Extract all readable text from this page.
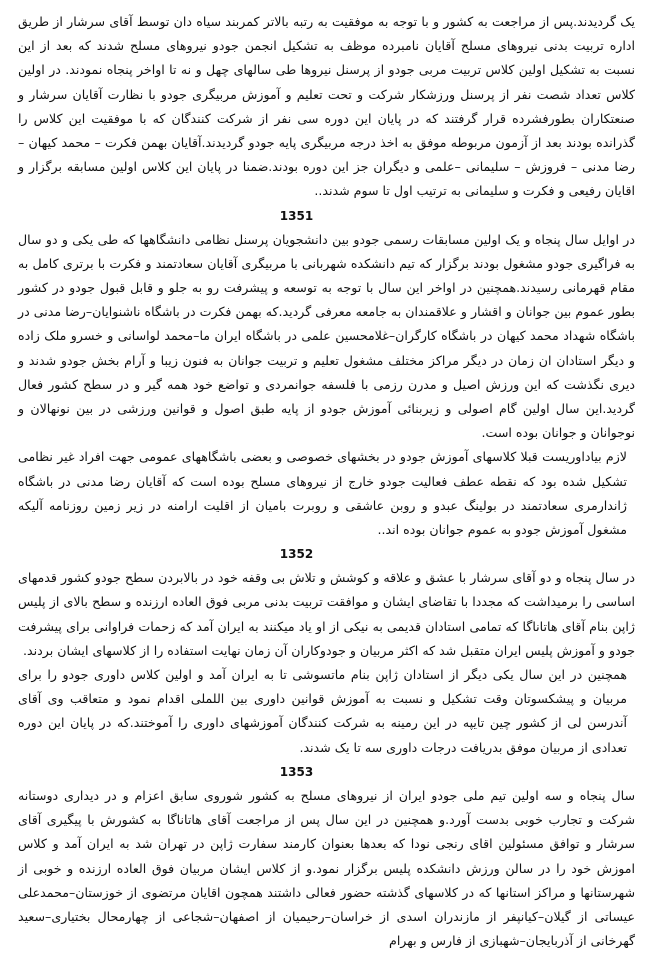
یک گردیدند.پس از مراجعت به کشور و با توجه به موفقیت به رتبه بالاتر کمربند سیاه دان توسط آقای سرشار از طریق اداره تربیت بدنی نیروهای مسلح آقایان نامبرده موظف به تشکیل انجمن جودو نیروهای مسلح شدند که بعد از این نسبت به تشکیل اولین کلاس تربیت مربی جودو از پرسنل نیروها طی سالهای چهل و نه تا اواخر پنجاه نمودند. در اولین کلاس تعداد شصت نفر از پرسنل ورزشکار شرکت و تحت تعلیم و آموزش مربیگری جودو با نظارت آقایان سرشار و صنعتکاران بطورفشرده قرار گرفتند که در پایان این دوره سی نفر از شرکت کنندگان که با موفقیت این کلاس را گذرانده بودند بعد از آزمون مربوطه موفق به اخذ درجه مربیگری پایه جودو گردیدند.آقایان بهمن فکرت – محمد کیهان – رضا مدنی – فروزش – سلیمانی –علمی و دیگران جز این دوره بودند.ضمنا در پایان این کلاس اولین مسابقه برگزار و اقایان رفیعی و فکرت و سلیمانی به ترتیب اول تا سوم شدند..

1351

در اوایل سال پنجاه و یک اولین مسابقات رسمی جودو بین دانشجویان پرسنل نظامی دانشگاهها که طی یکی و دو سال به فراگیری جودو مشغول بودند برگزار که تیم دانشکده شهربانی با مربیگری آقایان سعادتمند و فکرت با برتری کامل به مقام قهرمانی رسیدند.همچنین در اواخر این سال با توجه به توسعه و پیشرفت رو به جلو و قابل قبول جودو در کشور بطور عموم بین جوانان و اقشار و علاقمندان به جامعه معرفی گردید.که بهمن فکرت در باشگاه ناشنوایان–رضا مدنی در باشگاه شهداد محمد کیهان در باشگاه کارگران–غلامحسین علمی در باشگاه ایران ما–محمد لواسانی و خسرو ملک زاده و دیگر استادان ان زمان در دیگر مراکز مختلف مشغول تعلیم و تربیت جوانان به فنون زیبا و آرام بخش جودو شدند و دیری نگذشت که این ورزش اصیل و مدرن رزمی با فلسفه جوانمردی و تواضع خود همه گیر و در سطح کشور فعال گردید.این سال اولین گام اصولی و زیربنائی آموزش جودو از پایه طبق اصول و قوانین ورزشی در بین نونهالان و نوجوانان و جوانان بوده است.

لازم بیاداوریست قبلا کلاسهای آموزش جودو در بخشهای خصوصی و بعضی باشگاههای عمومی جهت افراد غیر نظامی تشکیل شده بود که نقطه عطف فعالیت جودو خارج از نیروهای مسلح بوده است که آقایان رضا مدنی در باشگاه ژاندارمری سعادتمند در بولینگ عبدو و روبن عاشقی و روبرت بامیان از اقلیت ارامنه در زیر زمین روزنامه آلیکه مشغول آموزش جودو به عموم جوانان بوده اند..

1352

در سال پنجاه و دو آقای سرشار با عشق و علاقه و کوشش و تلاش بی وقفه خود در بالابردن سطح جودو کشور قدمهای اساسی را برمیداشت که مجددا با تقاضای ایشان و موافقت تربیت بدنی مربی فوق العاده ارزنده و سطح بالای از پلیس ژاپن بنام آقای هاتاناگا که تمامی استادان قدیمی به نیکی از او یاد میکنند به ایران آمد که زحمات فراوانی برای پیشرفت جودو و آموزش پلیس ایران متقبل شد که اکثر مربیان و جودوکاران آن زمان نهایت استفاده را از کلاسهای ایشان بردند.

همچنین در این سال یکی دیگر از استادان ژاپن بنام ماتسوشی تا به ایران آمد و اولین کلاس داوری جودو را برای مربیان و پیشکسوتان وقت تشکیل و نسبت به آموزش قوانین داوری بین اللملی اقدام نمود و متعاقب وی آقای آندرسن لی از کشور چین تایپه در این رمینه به شرکت کنندگان آموزشهای داوری را آموختند.که در پایان این دوره تعدادی از مربیان موفق بدریافت درجات داوری سه تا یک شدند.

1353

سال پنجاه و سه اولین تیم ملی جودو ایران از نیروهای مسلح به کشور شوروی سابق اعزام و در دیداری دوستانه شرکت و تجارب خوبی بدست آورد.و همچنین در این سال پس از مراجعت آقای هاتاناگا به کشورش با پیگیری آقای سرشار و توافق مسئولین اقای رنجی نودا که بعدها بعنوان کارمند سفارت ژاپن در تهران شد به ایران آمد و کلاس اموزش خود را در سالن ورزش دانشکده پلیس برگزار نمود.و از کلاس ایشان مربیان فوق العاده ارزنده و خوبی از شهرستانها و مراکز استانها که در کلاسهای گذشته حضور فعالی داشتند همچون اقایان مرتضوی از خوزستان–محمدعلی عیساتی از گیلان–کیانپفر از مازندران اسدی از خراسان–رحیمیان از اصفهان–شجاعی از چهارمحال بختیاری–سعید گهرخانی از آذربایجان–شهبازی از فارس و بهرام
